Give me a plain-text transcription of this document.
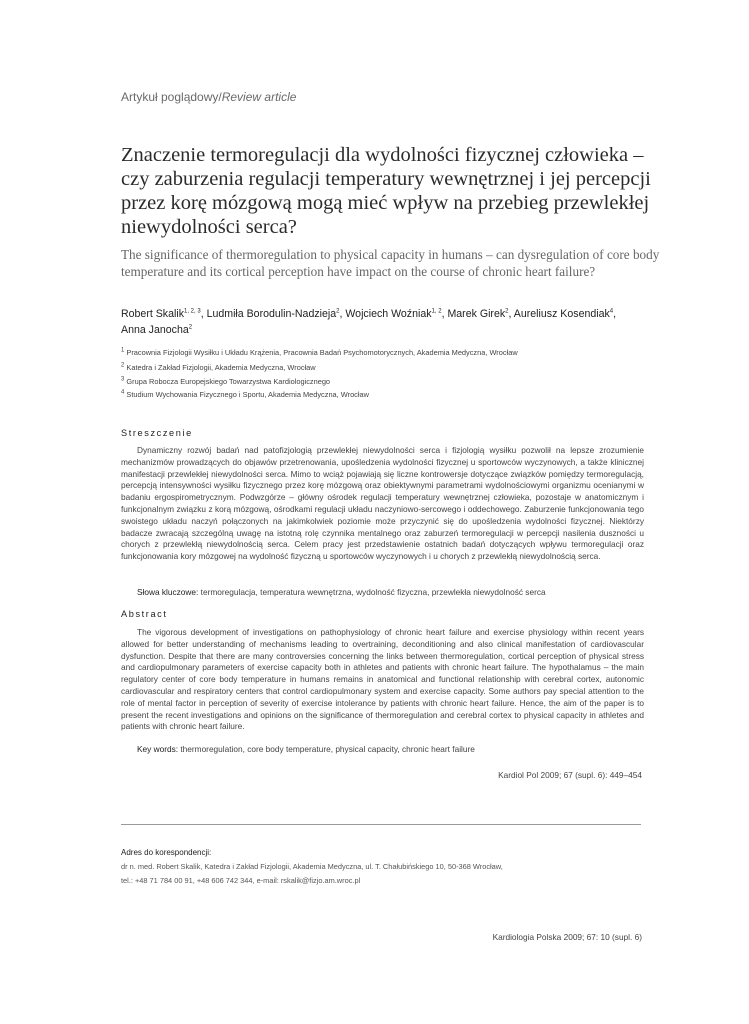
Artykuł poglądowy/Review article
Znaczenie termoregulacji dla wydolności fizycznej człowieka – czy zaburzenia regulacji temperatury wewnętrznej i jej percepcji przez korę mózgową mogą mieć wpływ na przebieg przewlekłej niewydolności serca?
The significance of thermoregulation to physical capacity in humans – can dysregulation of core body temperature and its cortical perception have impact on the course of chronic heart failure?
Robert Skalik$^{1, 2, 3}$, Ludmiła Borodulin-Nadzieja$^2$, Wojciech Woźniak$^{1, 2}$, Marek Girek$^2$, Aureliusz Kosendiak$^4$,
Anna Janocha$^2$
$^1$ Pracownia Fizjologii Wysiłku i Układu Krążenia, Pracownia Badań Psychomotorycznych, Akademia Medyczna, Wrocław
$^2$ Katedra i Zakład Fizjologii, Akademia Medyczna, Wrocław
$^3$ Grupa Robocza Europejskiego Towarzystwa Kardiologicznego
$^4$ Studium Wychowania Fizycznego i Sportu, Akademia Medyczna, Wrocław
Streszczenie
Dynamiczny rozwój badań nad patofizjologią przewlekłej niewydolności serca i fizjologią wysiłku pozwolił na lepsze zrozumienie mechanizmów prowadzących do objawów przetrenowania, upośledzenia wydolności fizycznej u sportowców wyczynowych, a także klinicznej manifestacji przewlekłej niewydolności serca. Mimo to wciąż pojawiają się liczne kontrowersje dotyczące związków pomiędzy termoregulacją, percepcją intensywności wysiłku fizycznego przez korę mózgową oraz obiektywnymi parametrami wydolnościowymi organizmu ocenianymi w badaniu ergospirometrycznym. Podwzgórze – główny ośrodek regulacji temperatury wewnętrznej człowieka, pozostaje w anatomicznym i funkcjonalnym związku z korą mózgową, ośrodkami regulacji układu naczyniowo-sercowego i oddechowego. Zaburzenie funkcjonowania tego swoistego układu naczyń połączonych na jakimkolwiek poziomie może przyczynić się do upośledzenia wydolności fizycznej. Niektórzy badacze zwracają szczególną uwagę na istotną rolę czynnika mentalnego oraz zaburzeń termoregulacji w percepcji nasilenia duszności u chorych z przewlekłą niewydolnością serca. Celem pracy jest przedstawienie ostatnich badań dotyczących wpływu termoregulacji oraz funkcjonowania kory mózgowej na wydolność fizyczną u sportowców wyczynowych i u chorych z przewlekłą niewydolnością serca.
Słowa kluczowe: termoregulacja, temperatura wewnętrzna, wydolność fizyczna, przewlekła niewydolność serca
Abstract
The vigorous development of investigations on pathophysiology of chronic heart failure and exercise physiology within recent years allowed for better understanding of mechanisms leading to overtraining, deconditioning and also clinical manifestation of cardiovascular dysfunction. Despite that there are many controversies concerning the links between thermoregulation, cortical perception of physical stress and cardiopulmonary parameters of exercise capacity both in athletes and patients with chronic heart failure. The hypothalamus – the main regulatory center of core body temperature in humans remains in anatomical and functional relationship with cerebral cortex, autonomic cardiovascular and respiratory centers that control cardiopulmonary system and exercise capacity. Some authors pay special attention to the role of mental factor in perception of severity of exercise intolerance by patients with chronic heart failure. Hence, the aim of the paper is to present the recent investigations and opinions on the significance of thermoregulation and cerebral cortex to physical capacity in athletes and patients with chronic heart failure.
Key words: thermoregulation, core body temperature, physical capacity, chronic heart failure
Kardiol Pol 2009; 67 (supl. 6): 449–454
Adres do korespondencji:
dr n. med. Robert Skalik, Katedra i Zakład Fizjologii, Akademia Medyczna, ul. T. Chałubińskiego 10, 50-368 Wrocław,
tel.: +48 71 784 00 91, +48 606 742 344, e-mail: rskalik@fizjo.am.wroc.pl
Kardiologia Polska 2009; 67: 10 (supl. 6)
